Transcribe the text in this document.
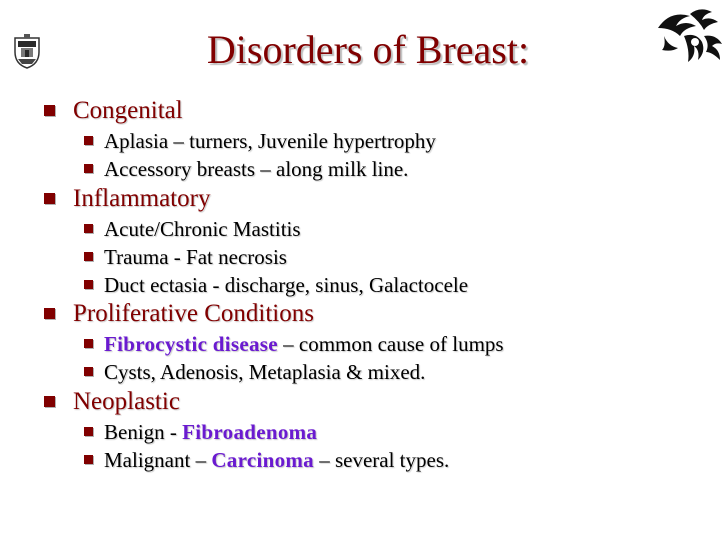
Disorders of Breast:
Congenital
Aplasia – turners, Juvenile hypertrophy
Accessory breasts – along milk line.
Inflammatory
Acute/Chronic Mastitis
Trauma - Fat necrosis
Duct ectasia - discharge, sinus, Galactocele
Proliferative Conditions
Fibrocystic disease – common cause of lumps
Cysts, Adenosis, Metaplasia & mixed.
Neoplastic
Benign - Fibroadenoma
Malignant – Carcinoma – several types.
